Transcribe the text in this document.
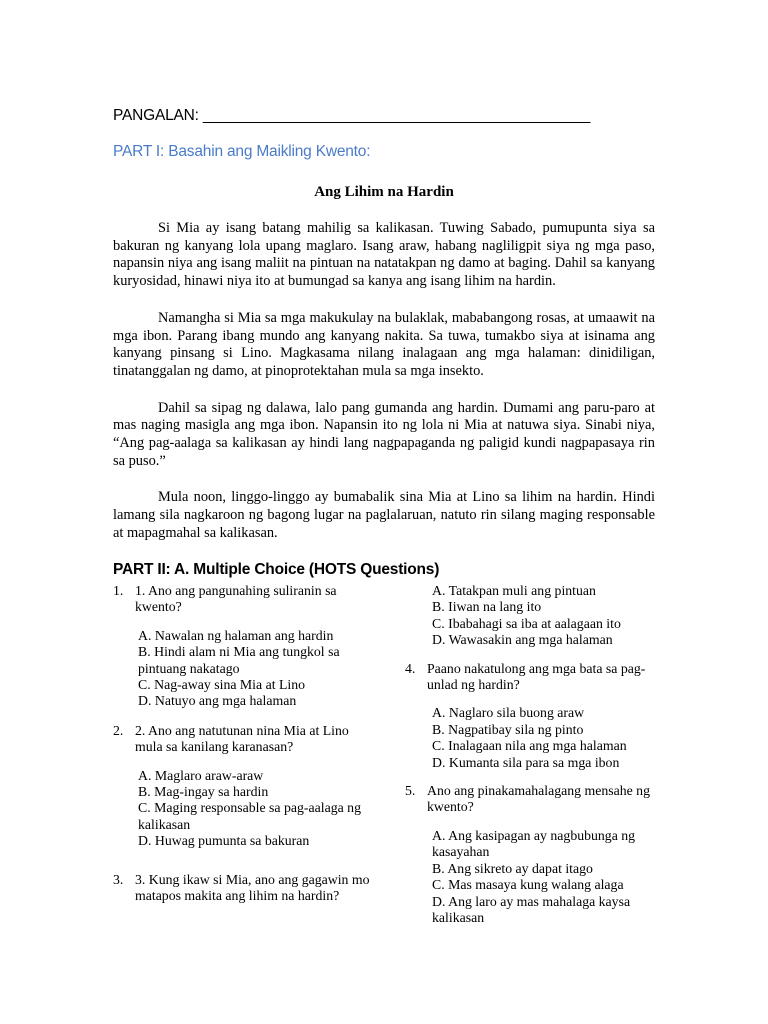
PANGALAN: ______________________________________________
PART I: Basahin ang Maikling Kwento:
Ang Lihim na Hardin

Si Mia ay isang batang mahilig sa kalikasan. Tuwing Sabado, pumupunta siya sa bakuran ng kanyang lola upang maglaro. Isang araw, habang nagliligpit siya ng mga paso, napansin niya ang isang maliit na pintuan na natatakpan ng damo at baging. Dahil sa kanyang kuryosidad, hinawi niya ito at bumungad sa kanya ang isang lihim na hardin.

Namangha si Mia sa mga makukulay na bulaklak, mababangong rosas, at umaawit na mga ibon. Parang ibang mundo ang kanyang nakita. Sa tuwa, tumakbo siya at isinama ang kanyang pinsang si Lino. Magkasama nilang inalagaan ang mga halaman: dinidiligan, tinatanggalan ng damo, at pinoprotektahan mula sa mga insekto.

Dahil sa sipag ng dalawa, lalo pang gumanda ang hardin. Dumami ang paru-paro at mas naging masigla ang mga ibon. Napansin ito ng lola ni Mia at natuwa siya. Sinabi niya, “Ang pag-aalaga sa kalikasan ay hindi lang nagpapaganda ng paligid kundi nagpapasaya rin sa puso.”

Mula noon, linggo-linggo ay bumabalik sina Mia at Lino sa lihim na hardin. Hindi lamang sila nagkaroon ng bagong lugar na paglalaruan, natuto rin silang maging responsable at mapagmahal sa kalikasan.

PART II: A. Multiple Choice (HOTS Questions)
1. 1. Ano ang pangunahing suliranin sa kwento?
A. Nawalan ng halaman ang hardin
B. Hindi alam ni Mia ang tungkol sa pintuang nakatago
C. Nag-away sina Mia at Lino
D. Natuyo ang mga halaman
2. 2. Ano ang natutunan nina Mia at Lino mula sa kanilang karanasan?
A. Maglaro araw-araw
B. Mag-ingay sa hardin
C. Maging responsable sa pag-aalaga ng kalikasan
D. Huwag pumunta sa bakuran
3. 3. Kung ikaw si Mia, ano ang gagawin mo matapos makita ang lihim na hardin?
A. Tatakpan muli ang pintuan
B. Iiwan na lang ito
C. Ibabahagi sa iba at aalagaan ito
D. Wawasakin ang mga halaman
4. Paano nakatulong ang mga bata sa pag-unlad ng hardin?
A. Naglaro sila buong araw
B. Nagpatibay sila ng pinto
C. Inalagaan nila ang mga halaman
D. Kumanta sila para sa mga ibon
5. Ano ang pinakamahalagang mensahe ng kwento?
A. Ang kasipagan ay nagbubunga ng kasayahan
B. Ang sikreto ay dapat itago
C. Mas masaya kung walang alaga
D. Ang laro ay mas mahalaga kaysa kalikasan
